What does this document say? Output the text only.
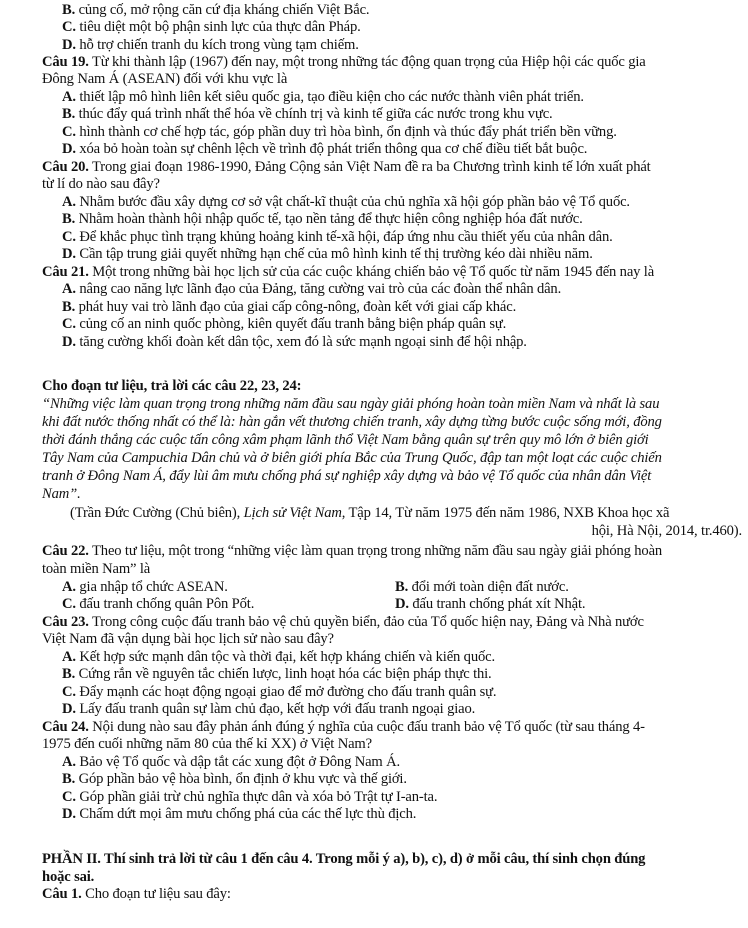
B. củng cố, mở rộng căn cứ địa kháng chiến Việt Bắc.
C. tiêu diệt một bộ phận sinh lực của thực dân Pháp.
D. hỗ trợ chiến tranh du kích trong vùng tạm chiếm.
Câu 19. Từ khi thành lập (1967) đến nay, một trong những tác động quan trọng của Hiệp hội các quốc gia
Đông Nam Á (ASEAN) đối với khu vực là
A. thiết lập mô hình liên kết siêu quốc gia, tạo điều kiện cho các nước thành viên phát triển.
B. thúc đẩy quá trình nhất thể hóa về chính trị và kinh tế giữa các nước trong khu vực.
C. hình thành cơ chế hợp tác, góp phần duy trì hòa bình, ổn định và thúc đẩy phát triển bền vững.
D. xóa bỏ hoàn toàn sự chênh lệch về trình độ phát triển thông qua cơ chế điều tiết bắt buộc.
Câu 20. Trong giai đoạn 1986-1990, Đảng Cộng sản Việt Nam đề ra ba Chương trình kinh tế lớn xuất phát
từ lí do nào sau đây?
A. Nhằm bước đầu xây dựng cơ sở vật chất-kĩ thuật của chủ nghĩa xã hội góp phần bảo vệ Tổ quốc.
B. Nhằm hoàn thành hội nhập quốc tế, tạo nền tảng để thực hiện công nghiệp hóa đất nước.
C. Để khắc phục tình trạng khủng hoảng kinh tế-xã hội, đáp ứng nhu cầu thiết yếu của nhân dân.
D. Cần tập trung giải quyết những hạn chế của mô hình kinh tế thị trường kéo dài nhiều năm.
Câu 21. Một trong những bài học lịch sử của các cuộc kháng chiến bảo vệ Tổ quốc từ năm 1945 đến nay là
A. nâng cao năng lực lãnh đạo của Đảng, tăng cường vai trò của các đoàn thể nhân dân.
B. phát huy vai trò lãnh đạo của giai cấp công-nông, đoàn kết với giai cấp khác.
C. củng cố an ninh quốc phòng, kiên quyết đấu tranh bằng biện pháp quân sự.
D. tăng cường khối đoàn kết dân tộc, xem đó là sức mạnh ngoại sinh để hội nhập.
Cho đoạn tư liệu, trả lời các câu 22, 23, 24:
“Những việc làm quan trọng trong những năm đầu sau ngày giải phóng hoàn toàn miền Nam và nhất là sau
khi đất nước thống nhất có thể là: hàn gắn vết thương chiến tranh, xây dựng từng bước cuộc sống mới, đồng
thời đánh thắng các cuộc tấn công xâm phạm lãnh thổ Việt Nam bằng quân sự trên quy mô lớn ở biên giới
Tây Nam của Campuchia Dân chủ và ở biên giới phía Bắc của Trung Quốc, đập tan một loạt các cuộc chiến
tranh ở Đông Nam Á, đẩy lùi âm mưu chống phá sự nghiệp xây dựng và bảo vệ Tổ quốc của nhân dân Việt
Nam”.
(Trần Đức Cường (Chủ biên), Lịch sử Việt Nam, Tập 14, Từ năm 1975 đến năm 1986, NXB Khoa học xã
hội, Hà Nội, 2014, tr.460).
Câu 22. Theo tư liệu, một trong “những việc làm quan trọng trong những năm đầu sau ngày giải phóng hoàn
toàn miền Nam” là
A. gia nhập tổ chức ASEAN.	B. đổi mới toàn diện đất nước.
C. đấu tranh chống quân Pôn Pốt.	D. đấu tranh chống phát xít Nhật.
Câu 23. Trong công cuộc đấu tranh bảo vệ chủ quyền biển, đảo của Tổ quốc hiện nay, Đảng và Nhà nước
Việt Nam đã vận dụng bài học lịch sử nào sau đây?
A. Kết hợp sức mạnh dân tộc và thời đại, kết hợp kháng chiến và kiến quốc.
B. Cứng rắn về nguyên tắc chiến lược, linh hoạt hóa các biện pháp thực thi.
C. Đẩy mạnh các hoạt động ngoại giao để mở đường cho đấu tranh quân sự.
D. Lấy đấu tranh quân sự làm chủ đạo, kết hợp với đấu tranh ngoại giao.
Câu 24. Nội dung nào sau đây phản ánh đúng ý nghĩa của cuộc đấu tranh bảo vệ Tổ quốc (từ sau tháng 4-
1975 đến cuối những năm 80 của thế kỉ XX) ở Việt Nam?
A. Bảo vệ Tổ quốc và dập tắt các xung đột ở Đông Nam Á.
B. Góp phần bảo vệ hòa bình, ổn định ở khu vực và thế giới.
C. Góp phần giải trừ chủ nghĩa thực dân và xóa bỏ Trật tự I-an-ta.
D. Chấm dứt mọi âm mưu chống phá của các thế lực thù địch.
PHẦN II. Thí sinh trả lời từ câu 1 đến câu 4. Trong mỗi ý a), b), c), d) ở mỗi câu, thí sinh chọn đúng
hoặc sai.
Câu 1. Cho đoạn tư liệu sau đây:
